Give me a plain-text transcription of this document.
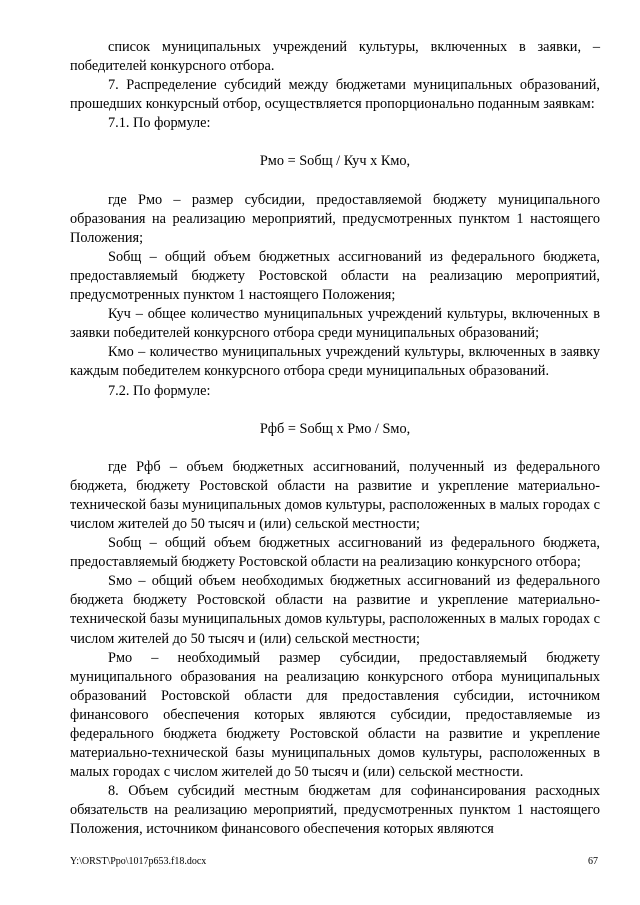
список муниципальных учреждений культуры, включенных в заявки, – победителей конкурсного отбора.

7. Распределение субсидий между бюджетами муниципальных образований, прошедших конкурсный отбор, осуществляется пропорционально поданным заявкам:

7.1. По формуле:

Рмо = Sобщ / Куч х Кмо,

где Рмо – размер субсидии, предоставляемой бюджету муниципального образования на реализацию мероприятий, предусмотренных пунктом 1 настоящего Положения;

Sобщ – общий объем бюджетных ассигнований из федерального бюджета, предоставляемый бюджету Ростовской области на реализацию мероприятий, предусмотренных пунктом 1 настоящего Положения;

Куч – общее количество муниципальных учреждений культуры, включенных в заявки победителей конкурсного отбора среди муниципальных образований;

Кмо – количество муниципальных учреждений культуры, включенных в заявку каждым победителем конкурсного отбора среди муниципальных образований.

7.2. По формуле:

Рфб = Sобщ х Рмо / Sмо,

где Рфб – объем бюджетных ассигнований, полученный из федерального бюджета, бюджету Ростовской области на развитие и укрепление материально-технической базы муниципальных домов культуры, расположенных в малых городах с числом жителей до 50 тысяч и (или) сельской местности;

Sобщ – общий объем бюджетных ассигнований из федерального бюджета, предоставляемый бюджету Ростовской области на реализацию конкурсного отбора;

Sмо – общий объем необходимых бюджетных ассигнований из федерального бюджета бюджету Ростовской области на развитие и укрепление материально-технической базы муниципальных домов культуры, расположенных в малых городах с числом жителей до 50 тысяч и (или) сельской местности;

Рмо – необходимый размер субсидии, предоставляемый бюджету муниципального образования на реализацию конкурсного отбора муниципальных образований Ростовской области для предоставления субсидии, источником финансового обеспечения которых являются субсидии, предоставляемые из федерального бюджета бюджету Ростовской области на развитие и укрепление материально-технической базы муниципальных домов культуры, расположенных в малых городах с числом жителей до 50 тысяч и (или) сельской местности.

8. Объем субсидий местным бюджетам для софинансирования расходных обязательств на реализацию мероприятий, предусмотренных пунктом 1 настоящего Положения, источником финансового обеспечения которых являются

Y:\ORST\Ppo\1017p653.f18.docx	67
